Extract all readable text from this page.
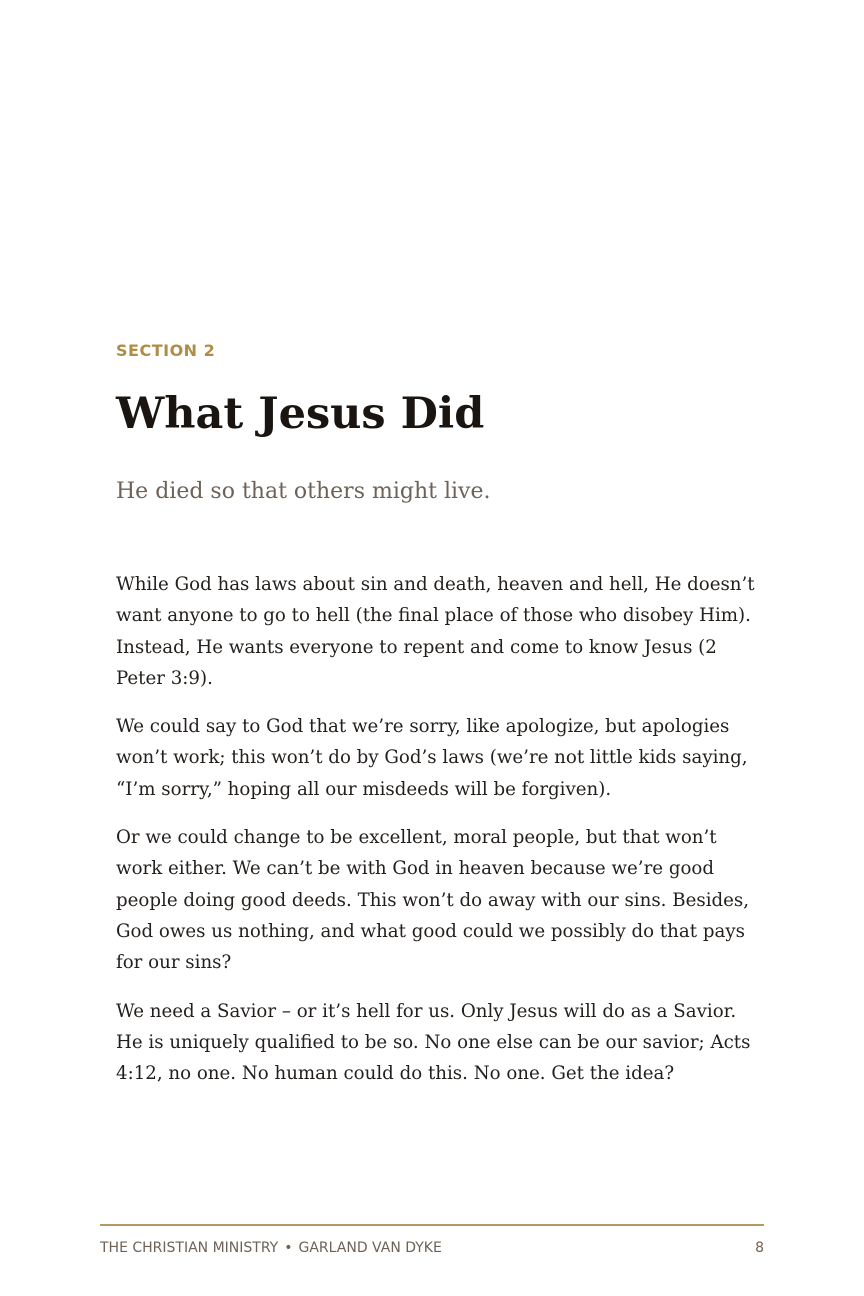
SECTION 2
What Jesus Did

He died so that others might live.

While God has laws about sin and death, heaven and hell, He doesn’t want anyone to go to hell (the final place of those who disobey Him). Instead, He wants everyone to repent and come to know Jesus (2 Peter 3:9).

We could say to God that we’re sorry, like apologize, but apologies won’t work; this won’t do by God’s laws (we’re not little kids saying, “I’m sorry,” hoping all our misdeeds will be forgiven).

Or we could change to be excellent, moral people, but that won’t work either. We can’t be with God in heaven because we’re good people doing good deeds. This won’t do away with our sins. Besides, God owes us nothing, and what good could we possibly do that pays for our sins?

We need a Savior – or it’s hell for us. Only Jesus will do as a Savior. He is uniquely qualified to be so. No one else can be our savior; Acts 4:12, no one. No human could do this. No one. Get the idea?

THE CHRISTIAN MINISTRY • GARLAND VAN DYKE	8
